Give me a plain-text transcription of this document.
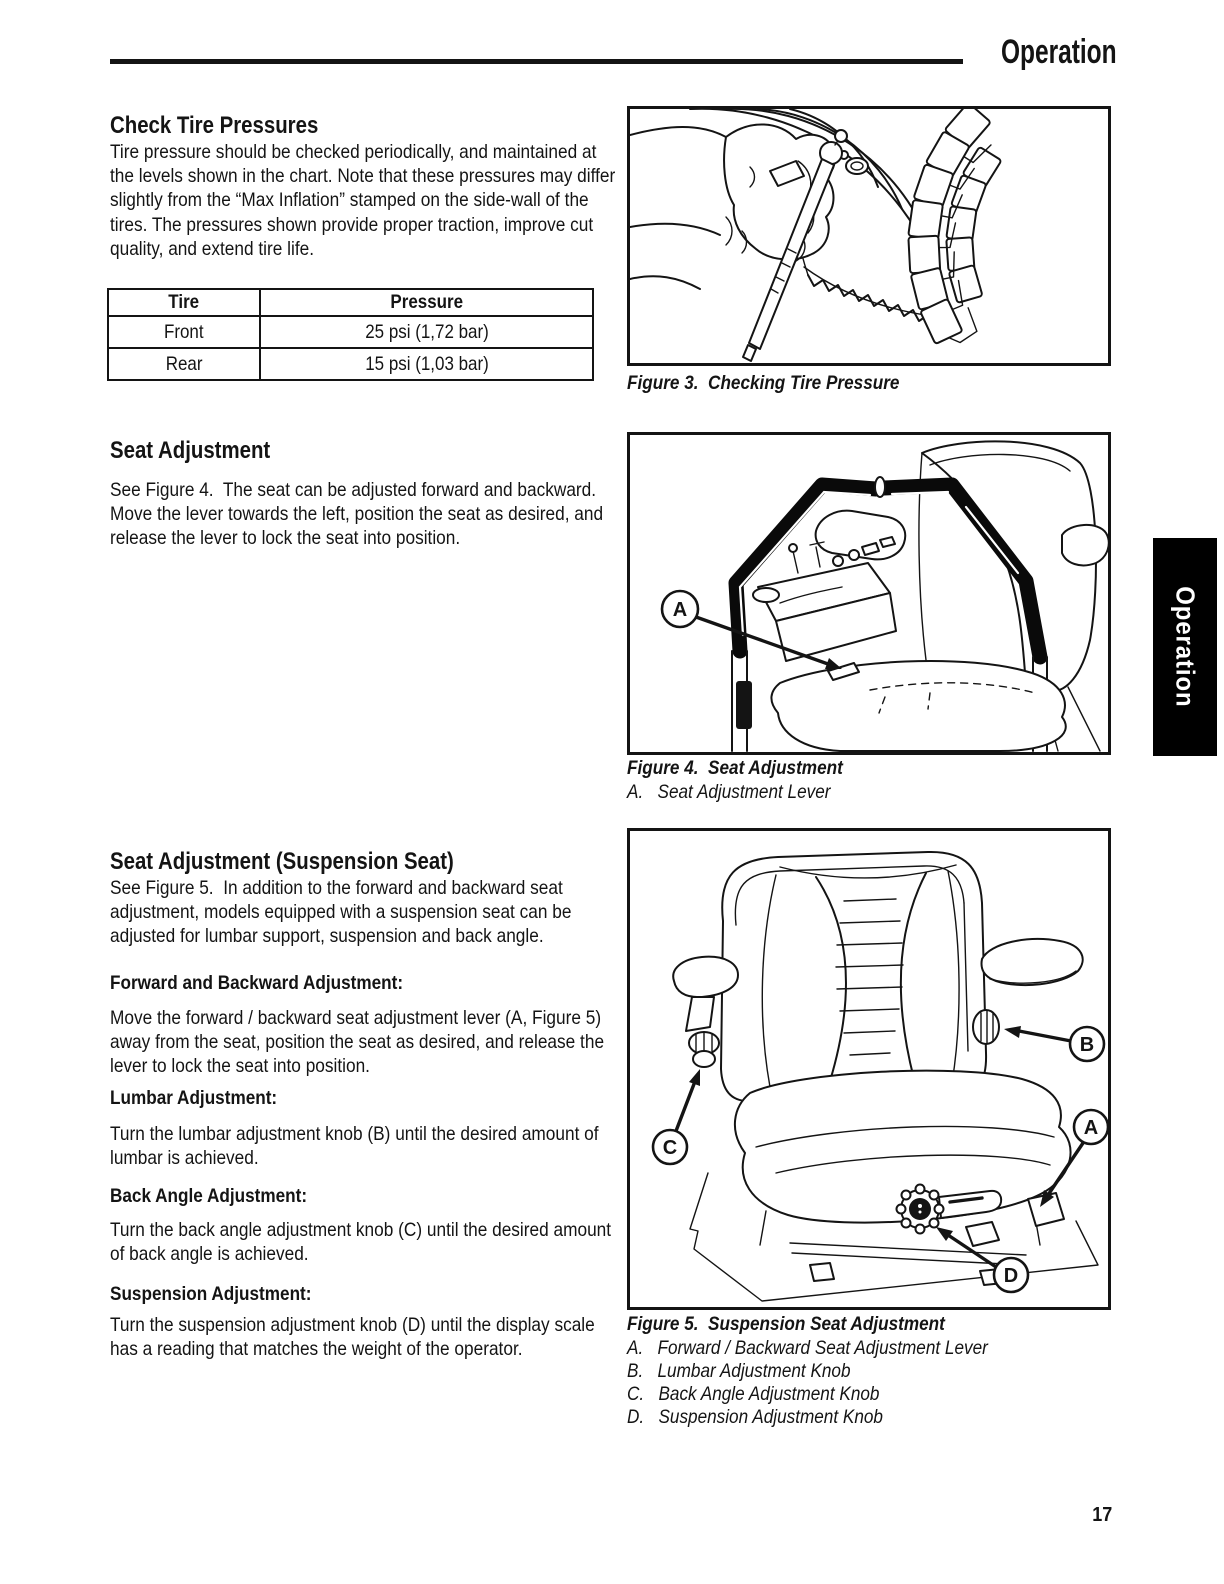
Operation
Check Tire Pressures
Tire pressure should be checked periodically, and maintained at the levels shown in the chart. Note that these pressures may differ slightly from the “Max Inflation” stamped on the side-wall of the tires. The pressures shown provide proper traction, improve cut quality, and extend tire life.
Tire	Pressure
Front	25 psi (1,72 bar)
Rear	15 psi (1,03 bar)
Seat Adjustment
See Figure 4.  The seat can be adjusted forward and backward.  Move the lever towards the left, position the seat as desired, and release the lever to lock the seat into position.
Seat Adjustment (Suspension Seat)
See Figure 5.  In addition to the forward and backward seat adjustment, models equipped with a suspension seat can be adjusted for lumbar support, suspension and back angle.
Forward and Backward Adjustment:
Move the forward / backward seat adjustment lever (A, Figure 5) away from the seat, position the seat as desired, and release the lever to lock the seat into position.
Lumbar Adjustment:
Turn the lumbar adjustment knob (B) until the desired amount of lumbar is achieved.
Back Angle Adjustment:
Turn the back angle adjustment knob (C) until the desired amount of back angle is achieved.
Suspension Adjustment:
Turn the suspension adjustment knob (D) until the display scale has a reading that matches the weight of the operator.
Figure 3.  Checking Tire Pressure
A
Figure 4.  Seat Adjustment
A.   Seat Adjustment Lever
B
C
A
D
Figure 5.  Suspension Seat Adjustment
A.   Forward / Backward Seat Adjustment Lever
B.   Lumbar Adjustment Knob
C.   Back Angle Adjustment Knob
D.   Suspension Adjustment Knob
Operation
17
